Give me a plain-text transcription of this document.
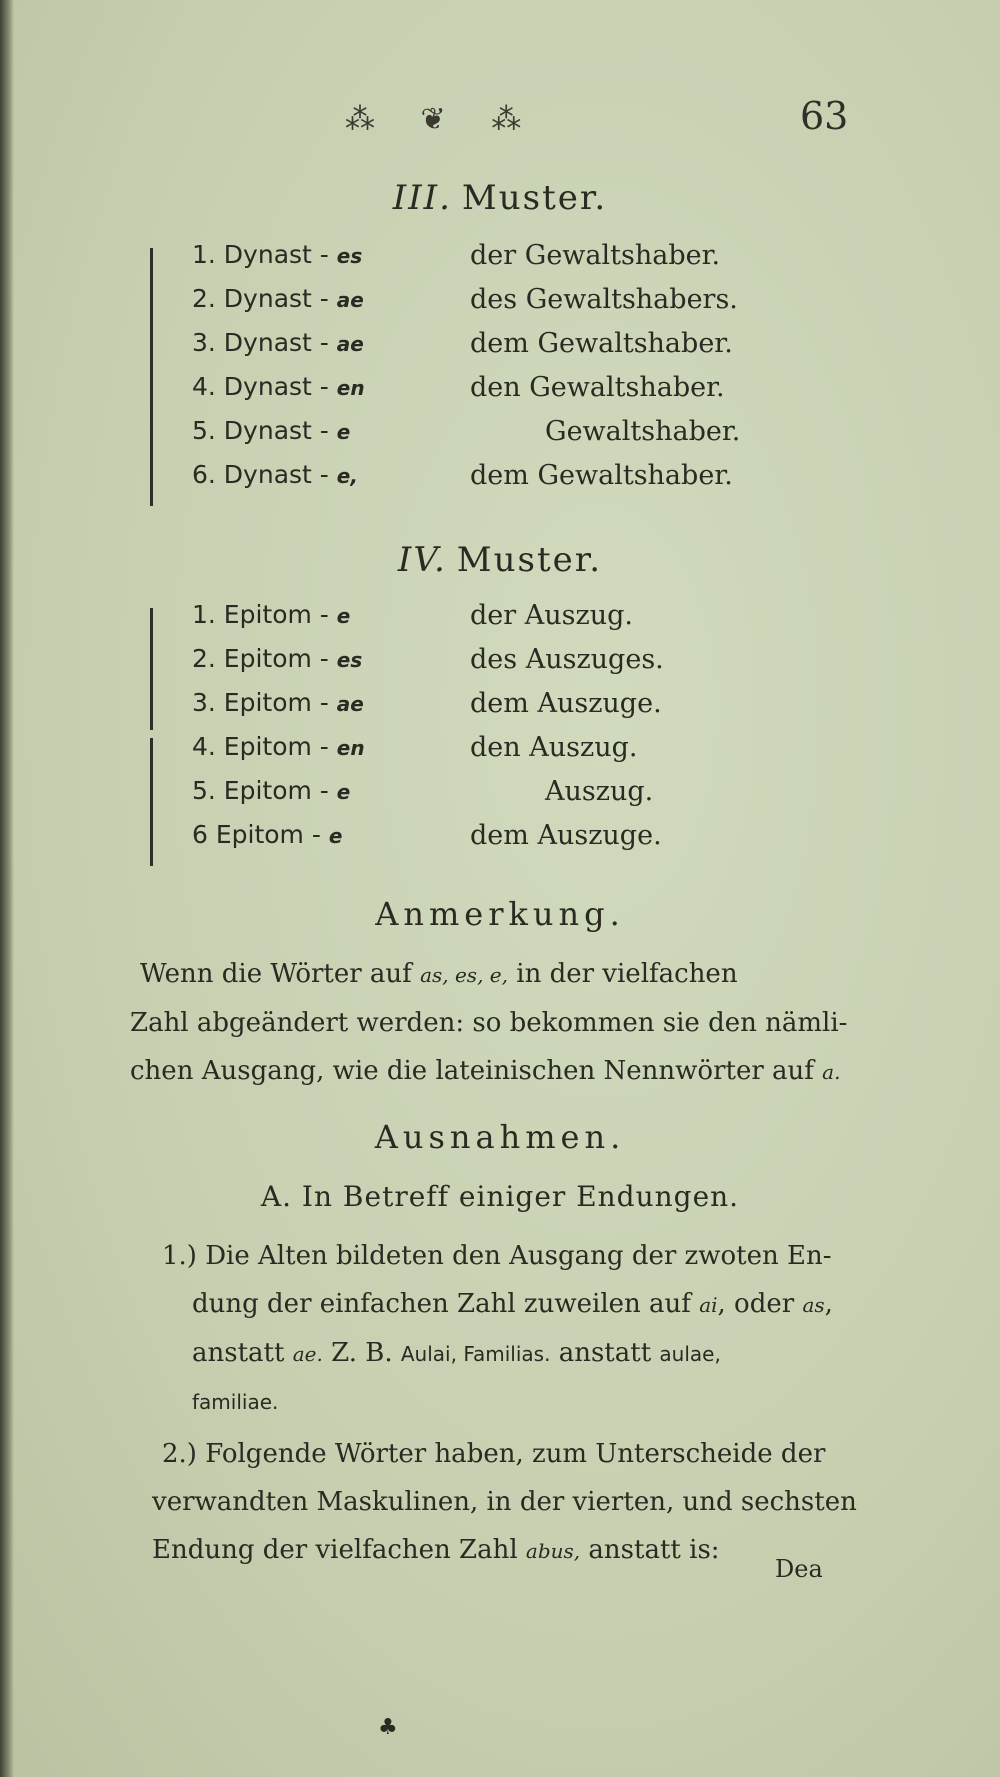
⁂ ❦ ⁂	63
III. Muster.
1. Dynast - es	der Gewaltshaber.
2. Dynast - ae	des Gewaltshabers.
3. Dynast - ae	dem Gewaltshaber.
4. Dynast - en	den Gewaltshaber.
5. Dynast - e	Gewaltshaber.
6. Dynast - e,	dem Gewaltshaber.
IV. Muster.
1. Epitom - e	der Auszug.
2. Epitom - es	des Auszuges.
3. Epitom - ae	dem Auszuge.
4. Epitom - en	den Auszug.
5. Epitom - e	Auszug.
6 Epitom - e	dem Auszuge.
Anmerkung.
Wenn die Wörter auf as, es, e, in der vielfachen
Zahl abgeändert werden: so bekommen sie den nämli-
chen Ausgang, wie die lateinischen Nennwörter auf a.
Ausnahmen.
A. In Betreff einiger Endungen.
1.) Die Alten bildeten den Ausgang der zwoten En-
dung der einfachen Zahl zuweilen auf ai, oder as,
anstatt ae. Z. B. Aulai, Familias. anstatt aulae,
familiae.
2.) Folgende Wörter haben, zum Unterscheide der
verwandten Maskulinen, in der vierten, und sechsten
Endung der vielfachen Zahl abus, anstatt is:
Dea
♣
